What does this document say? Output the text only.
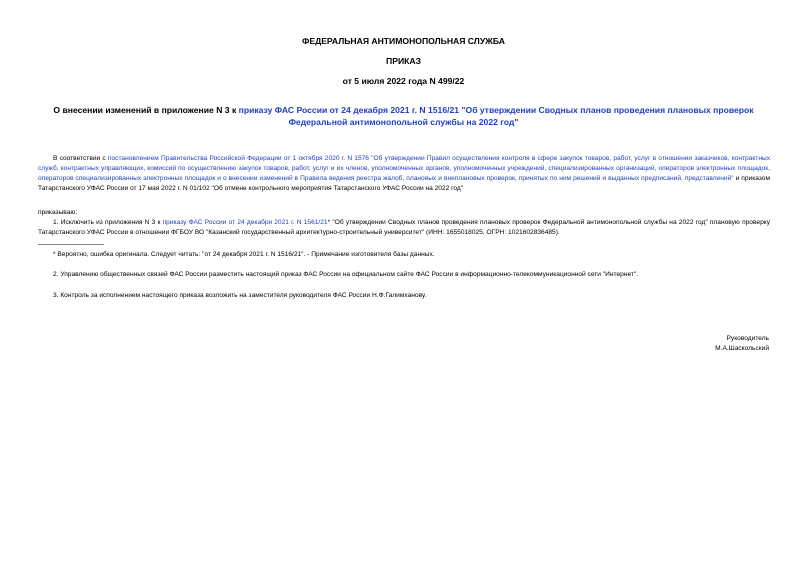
ФЕДЕРАЛЬНАЯ АНТИМОНОПОЛЬНАЯ СЛУЖБА
ПРИКАЗ
от 5 июля 2022 года N 499/22
О внесении изменений в приложение N 3 к приказу ФАС России от 24 декабря 2021 г. N 1516/21 "Об утверждении Сводных планов проведения плановых проверок Федеральной антимонопольной службы на 2022 год"
В соответствии с постановлением Правительства Российской Федерации от 1 октября 2020 г. N 1576 "Об утверждении Правил осуществления контроля в сфере закупок товаров, работ, услуг в отношении заказчиков, контрактных служб, контрактных управляющих, комиссий по осуществлению закупок товаров, работ, услуг и их членов, уполномоченных органов, уполномоченных учреждений, специализированных организаций, операторов электронных площадок, операторов специализированных электронных площадок и о внесении изменений в Правила ведения реестра жалоб, плановых и внеплановых проверок, принятых по ним решений и выданных предписаний, представлений" и приказом Татарстанского УФАС России от 17 мая 2022 г. N 01/102 "Об отмене контрольного мероприятия Татарстанского УФАС России на 2022 год"
приказываю:
1. Исключить из приложения N 3 к приказу ФАС России от 24 декабря 2021 г. N 1561/21* "Об утверждении Сводных планов проведения плановых проверок Федеральной антимонопольной службы на 2022 год" плановую проверку Татарстанского УФАС России в отношении ФГБОУ ВО "Казанский государственный архитектурно-строительный университет" (ИНН: 1655018025, ОГРН: 1021602836485).
* Вероятно, ошибка оригинала. Следует читать: "от 24 декабря 2021 г. N 1516/21". - Примечание изготовителя базы данных.
2. Управлению общественных связей ФАС России разместить настоящий приказ ФАС России на официальном сайте ФАС России в информационно-телекоммуникационной сети "Интернет".
3. Контроль за исполнением настоящего приказа возложить на заместителя руководителя ФАС России Н.Ф.Галимханову.
Руководитель
М.А.Шаскольский
